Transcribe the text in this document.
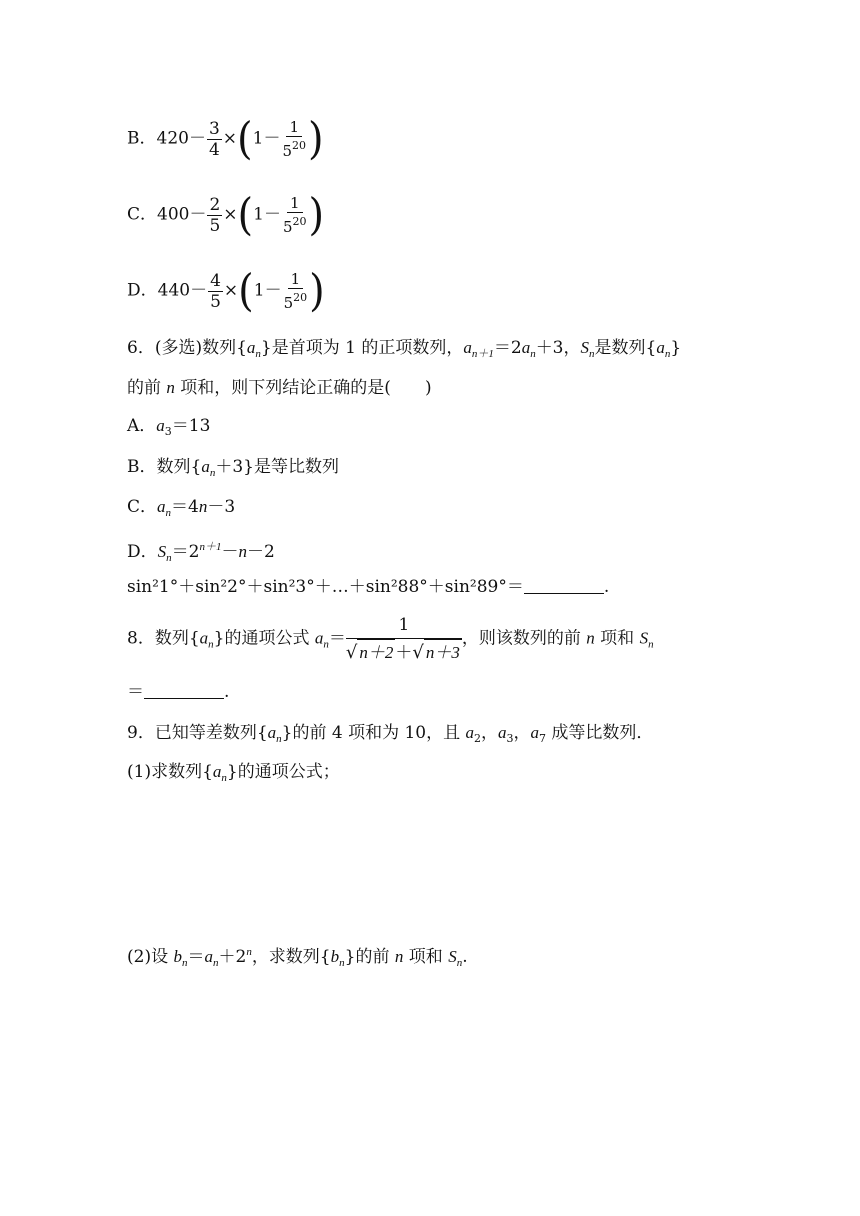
B．$420- \frac{3}{4} \times(1- \frac{1}{5^{20}}$ )
C．$400- \frac{2}{5} \times(1- \frac{1}{5^{20}}$ )
D．$440- \frac{4}{5} \times(1- \frac{1}{5^{20}}$ )
6．(多选)数列$\{a_n\}$是首项为 1 的正项数列，$a_{n+1}=2a_n+3$，$S_n$是数列$\{a_n\}$
的前 n 项和，则下列结论正确的是(　　)
A．$a_3=13$
B．数列$\{a_n+3\}$是等比数列
C．$a_n=4n-3$
D．$S_n=2^{n+1}-n-2$
sin²1°＋sin²2°＋sin²3°＋…＋sin²88°＋sin²89°＝	.
8．数列$\{a_n\}$的通项公式 $a_n= \frac{1}{√ n+2 +√ n+3}$ ，则该数列的前 n 项和 $S_n$
＝	.
9．已知等差数列$\{a_n\}$的前 4 项和为 10，且 $a_2$，$a_3$，$a_7$ 成等比数列．
(1)求数列$\{a_n\}$的通项公式；
(2)设 $b_n=a_n+2^n$，求数列$\{b_n\}$的前 n 项和 $S_n$.
